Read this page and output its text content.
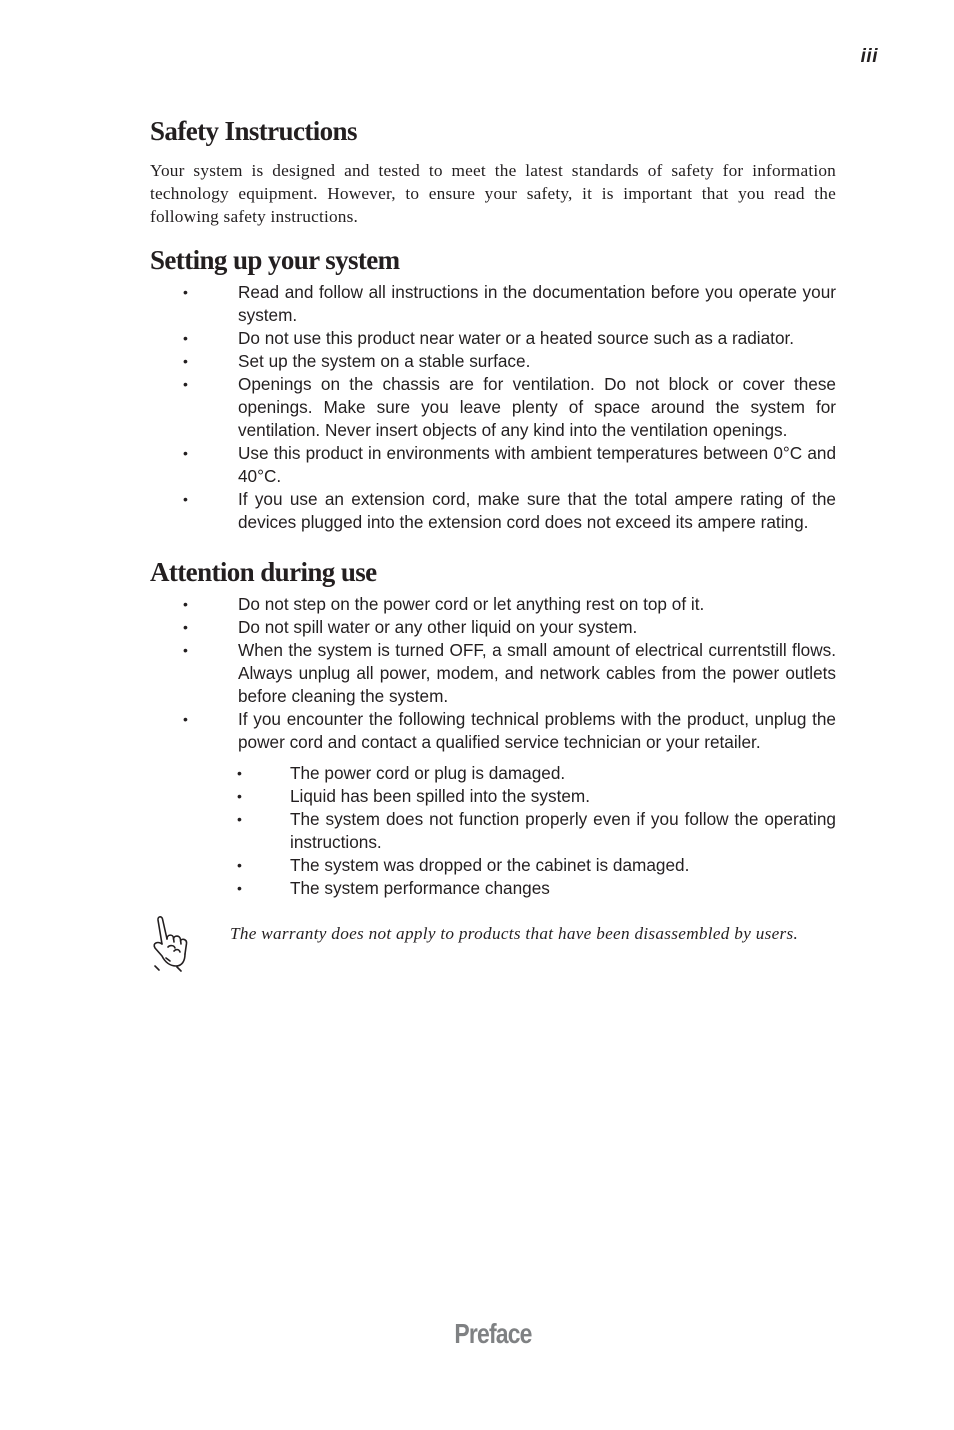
iii
Safety Instructions

Your system is designed and tested to meet the latest standards of safety for information technology equipment. However, to ensure your safety, it is important that you read the following safety instructions.

Setting up your system
•	Read and follow all instructions in the documentation before you operate your system.
•	Do not use this product near water or a heated source such as a radiator.
•	Set up the system on a stable surface.
•	Openings on the chassis are for ventilation. Do not block or cover these openings. Make sure you leave plenty of space around the system for ventilation. Never insert objects of any kind into the ventilation openings.
•	Use this product in environments with ambient temperatures between 0°C and 40°C.
•	If you use an extension cord, make sure that the total ampere rating of the devices plugged into the extension cord does not exceed its ampere rating.
Attention during use
•	Do not step on the power cord or let anything rest on top of it.
•	Do not spill water or any other liquid on your system.
•	When the system is turned OFF, a small amount of electrical currentstill flows. Always unplug all power, modem, and network cables from the power outlets before cleaning the system.
•	If you encounter the following technical problems with the product, unplug the power cord and contact a qualified service technician or your retailer.
•	The power cord or plug is damaged.
•	Liquid has been spilled into the system.
•	The system does not function properly even if you follow the operating instructions.
•	The system was dropped or the cabinet is damaged.
•	The system performance changes
The warranty does not apply to products that have been disassembled by users.
Preface
